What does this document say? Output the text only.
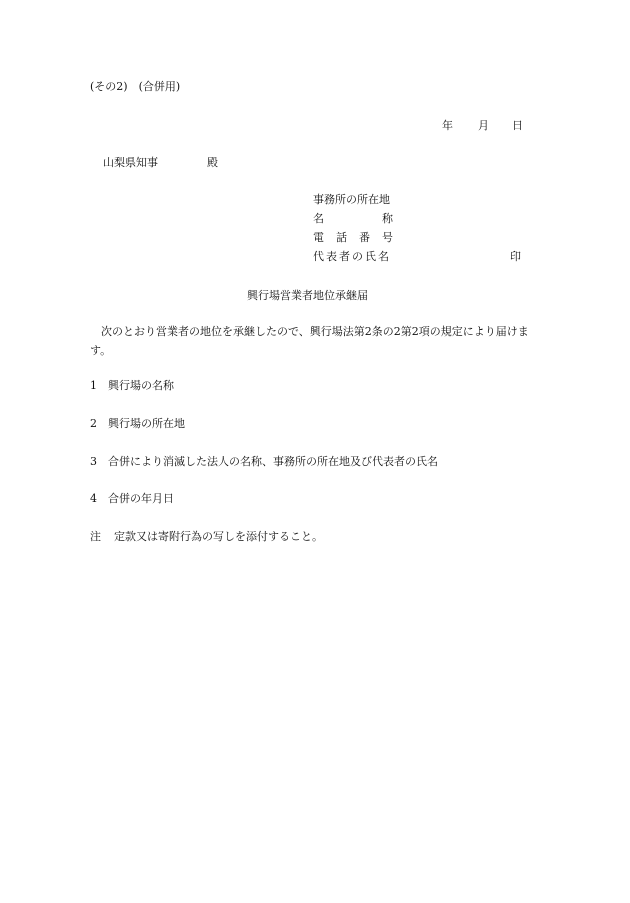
(その2)　(合併用)
年 月 日
山梨県知事	殿
事務所の所在地
名	称
電 話 番 号
代表者の氏名	印
興行場営業者地位承継届
　次のとおり営業者の地位を承継したので、興行場法第2条の2第2項の規定により届けます。
1 興行場の名称
2 興行場の所在地
3 合併により消滅した法人の名称、事務所の所在地及び代表者の氏名
4 合併の年月日
注 定款又は寄附行為の写しを添付すること。
